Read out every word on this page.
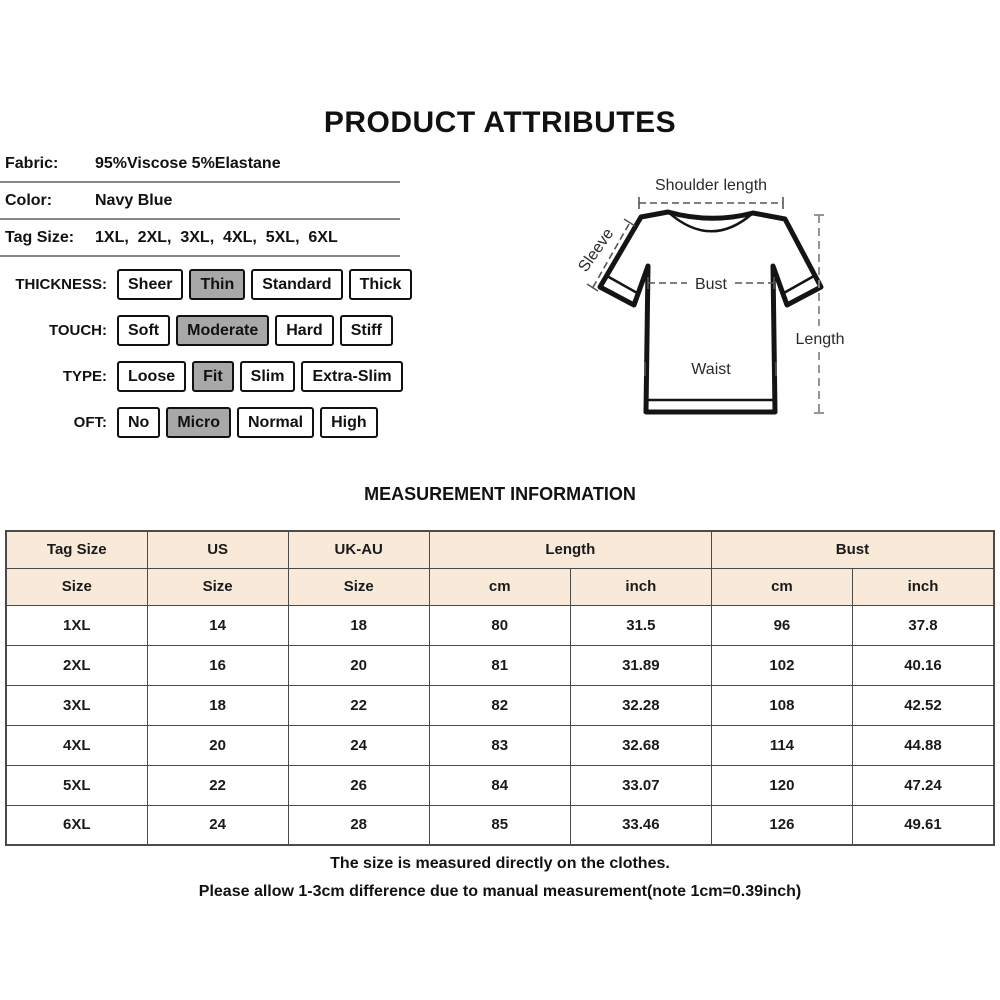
PRODUCT ATTRIBUTES
Fabric:	95%Viscose 5%Elastane
Color:	Navy Blue
Tag Size:	1XL,  2XL,  3XL,  4XL,  5XL,  6XL
THICKNESS:	Sheer	Thin	Standard	Thick
TOUCH:	Soft	Moderate	Hard	Stiff
TYPE:	Loose	Fit	Slim	Extra-Slim
OFT:	No	Micro	Normal	High
Shoulder length
Sleeve
Bust
Waist
Length
MEASUREMENT INFORMATION
Tag Size	US	UK-AU	Length		Bust	
Size	Size	Size	cm	inch	cm	inch
1XL	14	18	80	31.5	96	37.8
2XL	16	20	81	31.89	102	40.16
3XL	18	22	82	32.28	108	42.52
4XL	20	24	83	32.68	114	44.88
5XL	22	26	84	33.07	120	47.24
6XL	24	28	85	33.46	126	49.61
The size is measured directly on the clothes.
Please allow 1-3cm difference due to manual measurement(note 1cm=0.39inch)
